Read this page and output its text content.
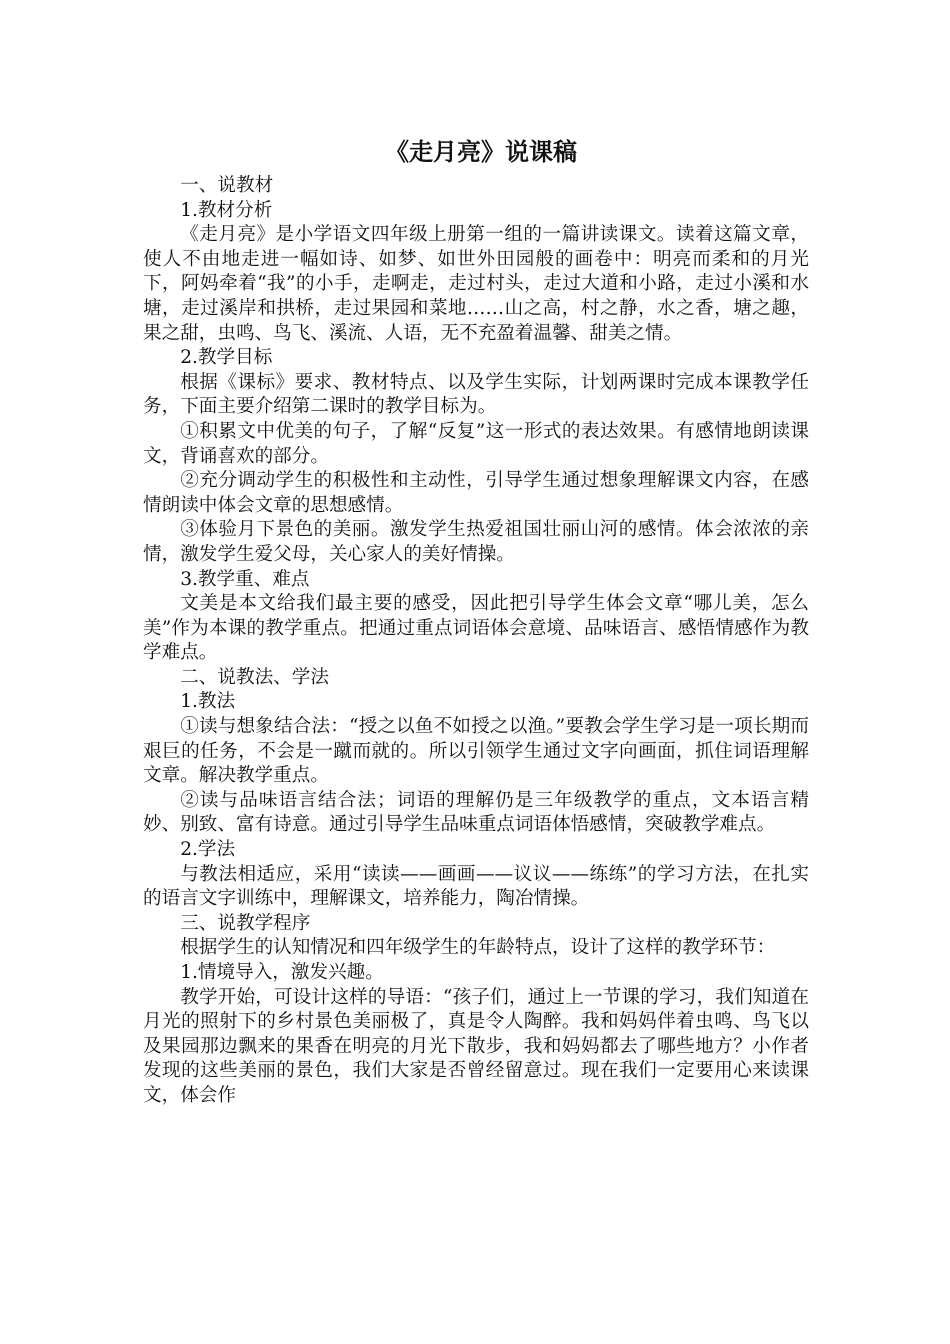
《走月亮》说课稿

一、说教材

1.教材分析

《走月亮》是小学语文四年级上册第一组的一篇讲读课文。读着这篇文章，使人不由地走进一幅如诗、如梦、如世外田园般的画卷中：明亮而柔和的月光下，阿妈牵着“我”的小手，走啊走，走过村头，走过大道和小路，走过小溪和水塘，走过溪岸和拱桥，走过果园和菜地……山之高，村之静，水之香，塘之趣，果之甜，虫鸣、鸟飞、溪流、人语，无不充盈着温馨、甜美之情。

2.教学目标

根据《课标》要求、教材特点、以及学生实际，计划两课时完成本课教学任务，下面主要介绍第二课时的教学目标为。

①积累文中优美的句子，了解“反复”这一形式的表达效果。有感情地朗读课文，背诵喜欢的部分。

②充分调动学生的积极性和主动性，引导学生通过想象理解课文内容，在感情朗读中体会文章的思想感情。

③体验月下景色的美丽。激发学生热爱祖国壮丽山河的感情。体会浓浓的亲情，激发学生爱父母，关心家人的美好情操。

3.教学重、难点

文美是本文给我们最主要的感受，因此把引导学生体会文章“哪儿美，怎么美”作为本课的教学重点。把通过重点词语体会意境、品味语言、感悟情感作为教学难点。

二、说教法、学法

1.教法

①读与想象结合法：“授之以鱼不如授之以渔。”要教会学生学习是一项长期而艰巨的任务，不会是一蹴而就的。所以引领学生通过文字向画面，抓住词语理解文章。解决教学重点。

②读与品味语言结合法；词语的理解仍是三年级教学的重点，文本语言精妙、别致、富有诗意。通过引导学生品味重点词语体悟感情，突破教学难点。

2.学法

与教法相适应，采用“读读——画画——议议——练练”的学习方法，在扎实的语言文字训练中，理解课文，培养能力，陶冶情操。

三、说教学程序

根据学生的认知情况和四年级学生的年龄特点，设计了这样的教学环节：

1.情境导入，激发兴趣。

教学开始，可设计这样的导语：“孩子们，通过上一节课的学习，我们知道在月光的照射下的乡村景色美丽极了，真是令人陶醉。我和妈妈伴着虫鸣、鸟飞以及果园那边飘来的果香在明亮的月光下散步，我和妈妈都去了哪些地方？小作者发现的这些美丽的景色，我们大家是否曾经留意过。现在我们一定要用心来读课文，体会作
